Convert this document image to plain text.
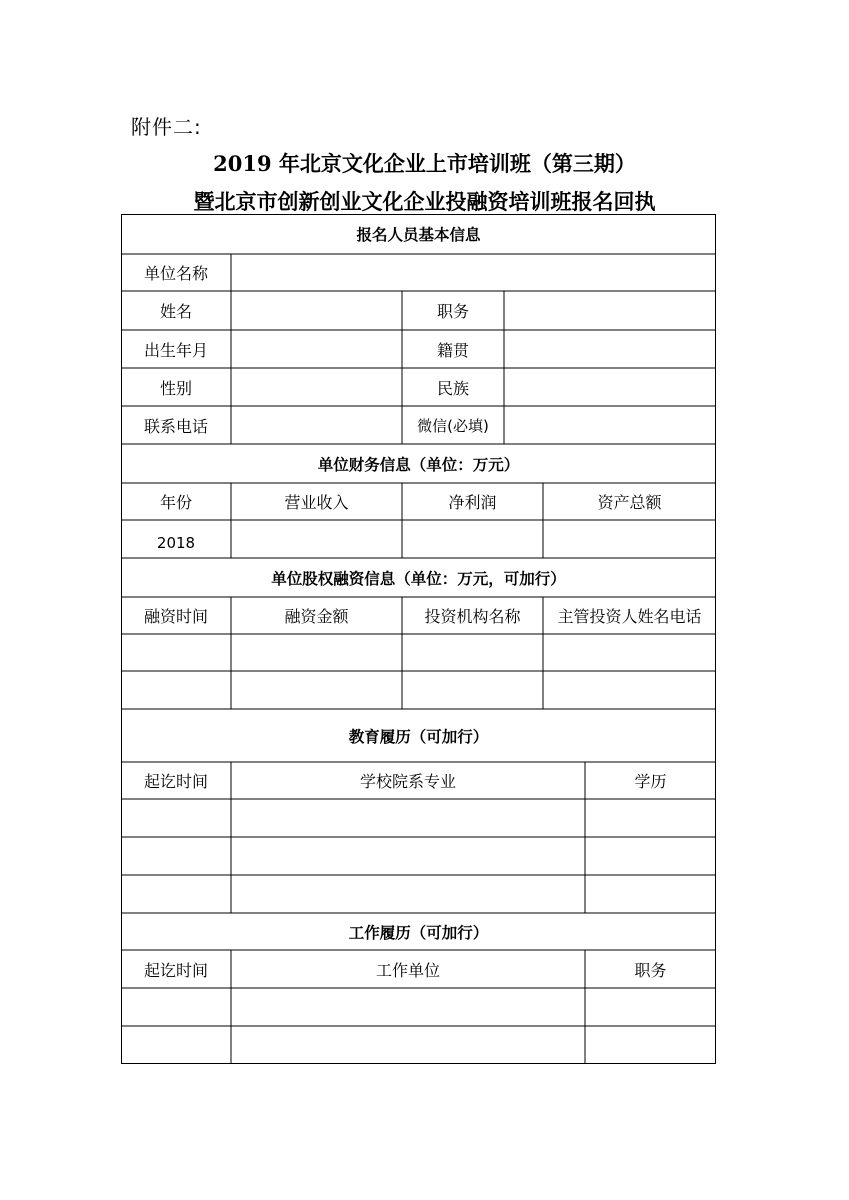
附件二:
2019 年北京文化企业上市培训班（第三期）
暨北京市创新创业文化企业投融资培训班报名回执
报名人员基本信息
单位名称
姓名	职务
出生年月	籍贯
性别	民族
联系电话	微信(必填)
单位财务信息（单位：万元）
年份	营业收入	净利润	资产总额
2018
单位股权融资信息（单位：万元，可加行）
融资时间	融资金额	投资机构名称	主管投资人姓名电话
教育履历（可加行）
起讫时间	学校院系专业	学历
工作履历（可加行）
起讫时间	工作单位	职务
